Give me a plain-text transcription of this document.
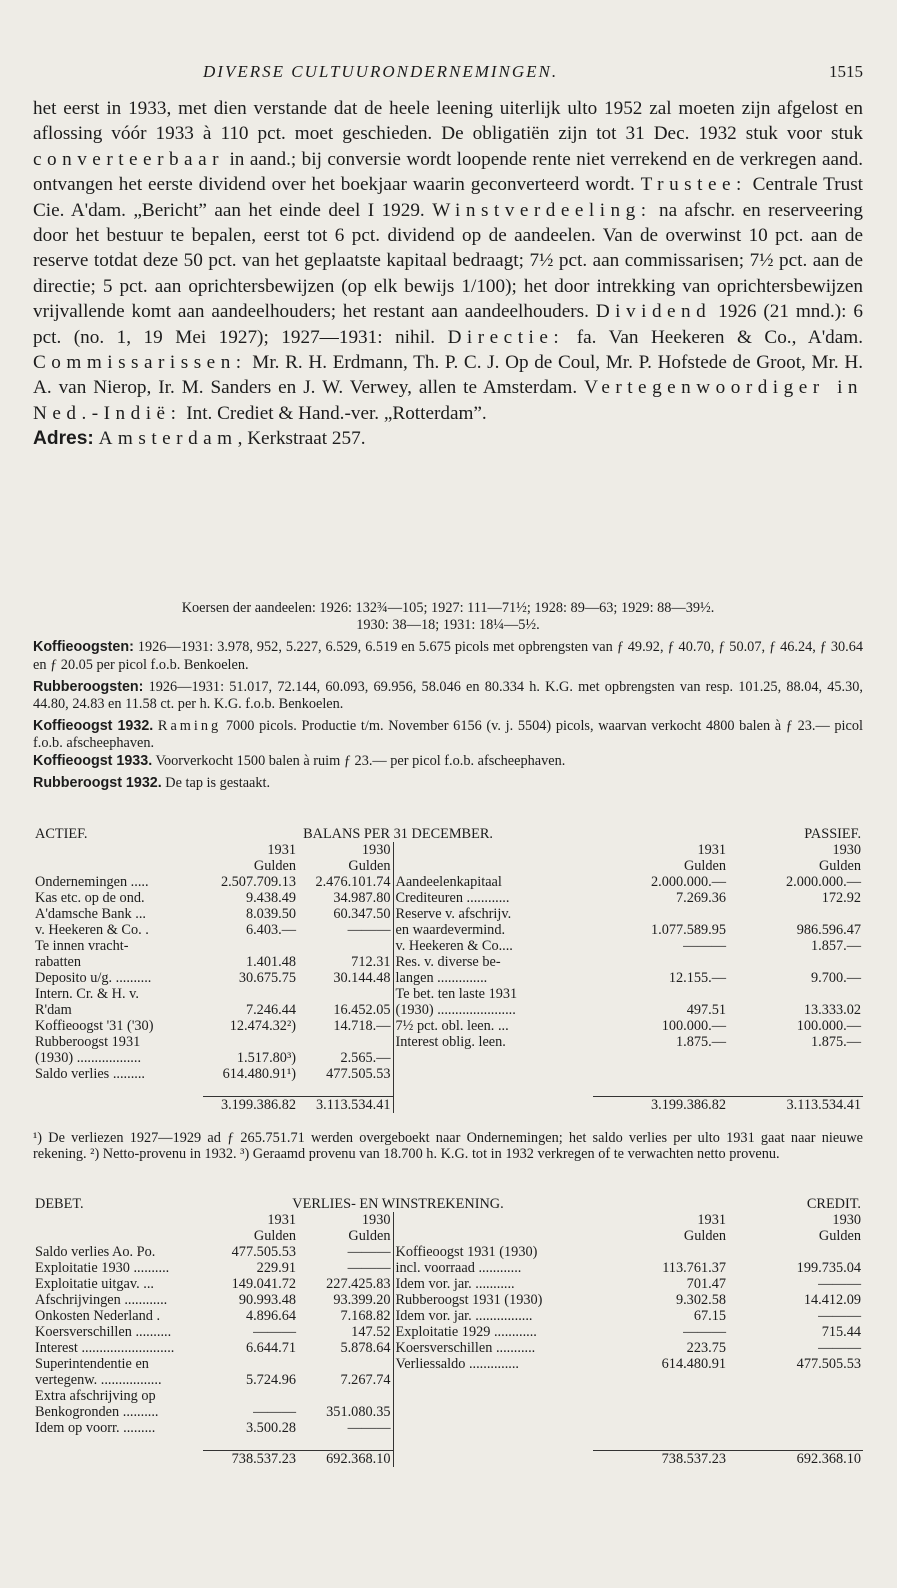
DIVERSE CULTUURONDERNEMINGEN.	1515

het eerst in 1933, met dien verstande dat de heele leening uiterlijk ulto 1952 zal moeten zijn afgelost en aflossing vóór 1933 à 110 pct. moet geschieden. De obligatiën zijn tot 31 Dec. 1932 stuk voor stuk converteerbaar in aand.; bij conversie wordt loopende rente niet verrekend en de verkregen aand. ontvangen het eerste dividend over het boekjaar waarin geconverteerd wordt. Trustee: Centrale Trust Cie. A'dam. „Bericht” aan het einde deel I 1929. Winstverdeeling: na afschr. en reserveering door het bestuur te bepalen, eerst tot 6 pct. dividend op de aandeelen. Van de overwinst 10 pct. aan de reserve totdat deze 50 pct. van het geplaatste kapitaal bedraagt; 7½ pct. aan commissarisen; 7½ pct. aan de directie; 5 pct. aan oprichtersbewijzen (op elk bewijs 1/100); het door intrekking van oprichtersbewijzen vrijvallende komt aan aandeelhouders; het restant aan aandeelhouders. Dividend 1926 (21 mnd.): 6 pct. (no. 1, 19 Mei 1927); 1927—1931: nihil. Directie: fa. Van Heekeren & Co., A'dam. Commissarissen: Mr. R. H. Erdmann, Th. P. C. J. Op de Coul, Mr. P. Hofstede de Groot, Mr. H. A. van Nierop, Ir. M. Sanders en J. W. Verwey, allen te Amsterdam. Vertegenwoordiger in Ned.-Indië: Int. Crediet & Hand.-ver. „Rotterdam”.

Adres: Amsterdam, Kerkstraat 257.

Koersen der aandeelen: 1926: 132¾—105; 1927: 111—71½; 1928: 89—63; 1929: 88—39½.

1930: 38—18; 1931: 18¼—5½.

Koffieoogsten: 1926—1931: 3.978, 952, 5.227, 6.529, 6.519 en 5.675 picols met opbrengsten van ƒ 49.92, ƒ 40.70, ƒ 50.07, ƒ 46.24, ƒ 30.64 en ƒ 20.05 per picol f.o.b. Benkoelen.

Rubberoogsten: 1926—1931: 51.017, 72.144, 60.093, 69.956, 58.046 en 80.334 h. K.G. met opbrengsten van resp. 101.25, 88.04, 45.30, 44.80, 24.83 en 11.58 ct. per h. K.G. f.o.b. Benkoelen.

Koffieoogst 1932. Raming 7000 picols. Productie t/m. November 6156 (v. j. 5504) picols, waarvan verkocht 4800 balen à ƒ 23.— picol f.o.b. afscheephaven.

Koffieoogst 1933. Voorverkocht 1500 balen à ruim ƒ 23.— per picol f.o.b. afscheephaven.

Rubberoogst 1932. De tap is gestaakt.

ACTIEF.	BALANS PER 31 DECEMBER.			PASSIEF.	
	1931	1930		1931	1930
	Gulden	Gulden		Gulden	Gulden
Ondernemingen .....	2.507.709.13	2.476.101.74	Aandeelenkapitaal	2.000.000.—	2.000.000.—
Kas etc. op de ond.	9.438.49	34.987.80	Crediteuren ............	7.269.36	172.92
A'damsche Bank ...	8.039.50	60.347.50	Reserve v. afschrijv.		
v. Heekeren & Co. .	6.403.—	———	en waardevermind.	1.077.589.95	986.596.47
Te innen vracht-			v. Heekeren & Co....	———	1.857.—
rabatten	1.401.48	712.31	Res. v. diverse be-		
Deposito u/g. ..........	30.675.75	30.144.48	langen ..............	12.155.—	9.700.—
Intern. Cr. & H. v.			Te bet. ten laste 1931		
R'dam	7.246.44	16.452.05	(1930) ......................	497.51	13.333.02
Koffieoogst '31 ('30)	12.474.32²)	14.718.—	7½ pct. obl. leen. ...	100.000.—	100.000.—
Rubberoogst 1931			Interest oblig. leen.	1.875.—	1.875.—
(1930) ..................	1.517.80³)	2.565.—			
Saldo verlies .........	614.480.91¹)	477.505.53			

	3.199.386.82	3.113.534.41		3.199.386.82	3.113.534.41
¹) De verliezen 1927—1929 ad ƒ 265.751.71 werden overgeboekt naar Ondernemingen; het saldo verlies per ulto 1931 gaat naar nieuwe rekening. ²) Netto-provenu in 1932. ³) Geraamd provenu van 18.700 h. K.G. tot in 1932 verkregen of te verwachten netto provenu.
DEBET.	VERLIES- EN WINSTREKENING.			CREDIT.	
	1931	1930		1931	1930
	Gulden	Gulden		Gulden	Gulden
Saldo verlies Ao. Po.	477.505.53	———	Koffieoogst 1931 (1930)		
Exploitatie 1930 ..........	229.91	———	incl. voorraad ............	113.761.37	199.735.04
Exploitatie uitgav. ...	149.041.72	227.425.83	Idem vor. jar. ...........	701.47	———
Afschrijvingen ............	90.993.48	93.399.20	Rubberoogst 1931 (1930)	9.302.58	14.412.09
Onkosten Nederland .	4.896.64	7.168.82	Idem vor. jar. ................	67.15	———
Koersverschillen ..........	———	147.52	Exploitatie 1929 ............	———	715.44
Interest ..........................	6.644.71	5.878.64	Koersverschillen ...........	223.75	———
Superintendentie en			Verliessaldo ..............	614.480.91	477.505.53
vertegenw. .................	5.724.96	7.267.74			
Extra afschrijving op					
Benkogronden ..........	———	351.080.35			
Idem op voorr. .........	3.500.28	———			

	738.537.23	692.368.10		738.537.23	692.368.10
